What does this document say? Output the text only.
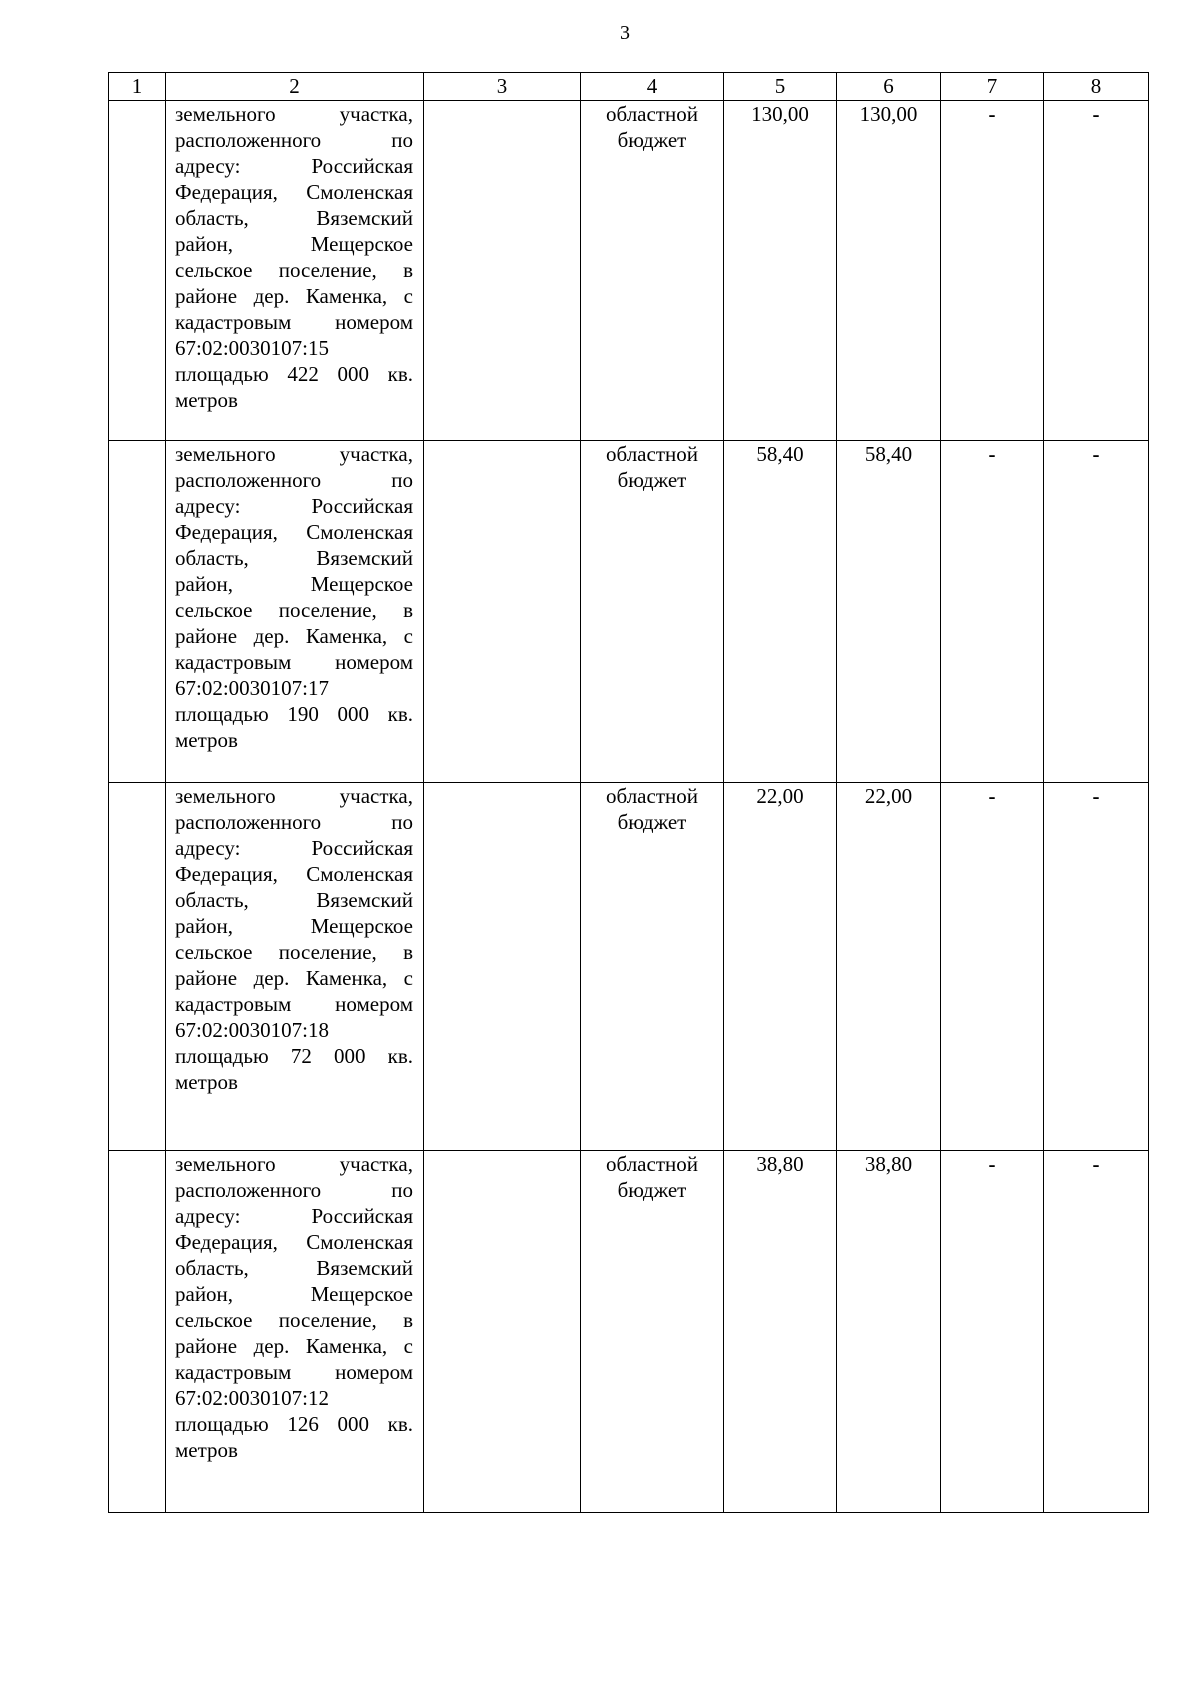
3
1	2	3	4	5	6	7	8
	земельного участка, расположенного по адресу: Российская Федерация, Смоленская область, Вяземский район, Мещерское сельское поселение, в районе дер. Каменка, с кадастровым номером 67:02:0030107:15 площадью 422 000 кв. метров		областной бюджет	130,00	130,00	-	-
	земельного участка, расположенного по адресу: Российская Федерация, Смоленская область, Вяземский район, Мещерское сельское поселение, в районе дер. Каменка, с кадастровым номером 67:02:0030107:17 площадью 190 000 кв. метров		областной бюджет	58,40	58,40	-	-
	земельного участка, расположенного по адресу: Российская Федерация, Смоленская область, Вяземский район, Мещерское сельское поселение, в районе дер. Каменка, с кадастровым номером 67:02:0030107:18 площадью 72 000 кв. метров		областной бюджет	22,00	22,00	-	-
	земельного участка, расположенного по адресу: Российская Федерация, Смоленская область, Вяземский район, Мещерское сельское поселение, в районе дер. Каменка, с кадастровым номером 67:02:0030107:12 площадью 126 000 кв. метров		областной бюджет	38,80	38,80	-	-
